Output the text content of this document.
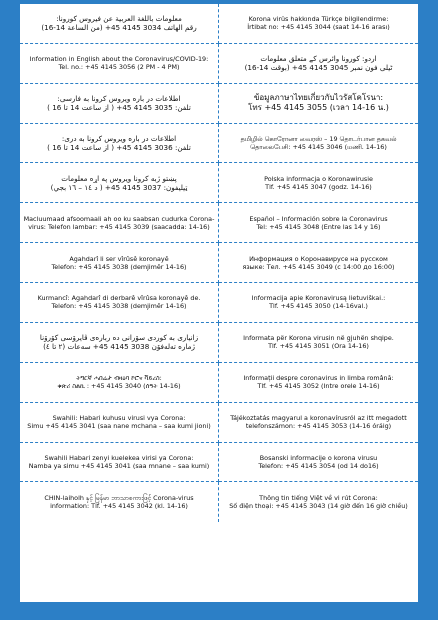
معلومات باللغة العربية عن فيروس كورونا:
رقم الهاتف 3034 4145 45+ (من الساعة 14-16)
Korona virüs hakkında Türkçe bilgilendirme:
İrtibat no: +45 4145 3044 (saat 14-16 arası)
Information in English about the Coronavirus/COVID-19:
Tel. no.: +45 4145 3056 (2 PM - 4 PM)
اردو: کورونا وائرس کے متعلق معلومات
ٹیلی فون نمبر 3045 4145 45+ (بوقت 14-16)
اطلاعات در باره ویروس کرونا به فارسی:
تلفن: 3035 4145 45+ ( از ساعت 14 تا 16 )
ข้อมูลภาษาไทยเกี่ยวกับไวรัสโคโรนา:
โทร +45 4145 3055 (เวลา 14-16 น.)
اطلاعات در باره ویروس کرونا به دری:
تلفن: 3036 4145 45+ ( از ساعت 14 تا 16 )
தமிழில் கொரோனா வைரஸ் – 19 தொடர்பான தகவல்
தொலைபேசி: +45 4145 3046 (மணி. 14-16)
پښتو ژبه کرونا ویروس په اړه معلومات
ټیلیفون: 3037 4145 45+ ( د ١٤ – ١٦ بجي)
Polska informacja o Koronawirusie
Tlf. +45 4145 3047 (godz. 14-16)
Macluumaad afsoomaali ah oo ku saabsan cudurka Corona-
virus: Telefon lambar: +45 4145 3039 (saacadda: 14-16)
Español – Información sobre la Coronavirus
Tel: +45 4145 3048 (Entre las 14 y 16)
Agahdarî li ser vîrûsê koronayê
Telefon: +45 4145 3038 (demjimêr 14-16)
Информация о Коронавирусе на русском
языке: Тел. +45 4145 3049 (с 14:00 до 16:00)
Kurmancî: Agahdarî di derbarê vîrûsa koronayê de.
Telefon: +45 4145 3038 (demjimêr 14-16)
Informacija apie Koronavirusą lietuviškai.:
Tlf. +45 4145 3050 (14-16val.)
زانیاری بە کوردی سۆرانی دە ربارەی ڤایرۆسی کۆرۆنا
ژمارە تەلەفۆن 3038 4145 45+ سەعات (٢ تا ٤)
Informata për Korona virusin në gjuhën shqipe.
Tlf. +45 4145 3051 (Ora 14-16)
ትግርኛ ሓበሬታ ብዛዕባ ኮሮና ቫይረስ:
ቁጽሪ ስልኪ : +45 4145 3040 (ሰዓት 14-16)
Informații despre coronavirus in limba română:
Tlf. +45 4145 3052 (Intre orele 14-16)
Swahili: Habari kuhusu virusi vya Corona:
Simu +45 4145 3041 (saa nane mchana – saa kumi jioni)
Tájékoztatás magyarul a koronavírusról az itt megadott
telefonszámon: +45 4145 3053 (14-16 óráig)
Swahili Habari zenyi kuelekea virisi ya Corona:
Namba ya simu +45 4145 3041 (saa mnane – saa kumi)
Bosanski informacije o korona virusu
Telefon: +45 4145 3054 (od 14 do16)
CHIN-laiholh နှင့် မြန်မာ ဘာသာစကားဖြင့် Corona-virus
information: Tlf. +45 4145 3042 (kl. 14-16)
Thông tin tiếng Việt về vi rút Corona:
Số điện thoại: +45 4145 3043 (14 giờ đến 16 giờ chiều)
